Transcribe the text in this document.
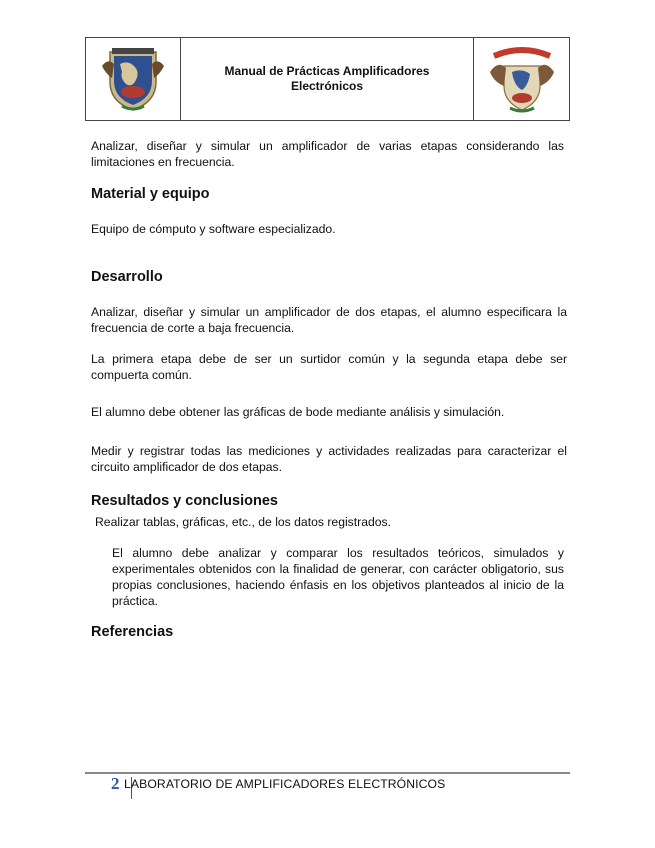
Manual de Prácticas Amplificadores
Electrónicos
Analizar, diseñar y simular un amplificador de varias etapas considerando las limitaciones en frecuencia.
Material y equipo
Equipo de cómputo y software especializado.
Desarrollo
Analizar, diseñar y simular un amplificador de dos etapas, el alumno especificara la frecuencia de corte a baja frecuencia.
La primera etapa debe de ser un surtidor común y la segunda etapa debe ser compuerta común.
El alumno debe obtener las gráficas de bode mediante análisis y simulación.
Medir y registrar todas las mediciones y actividades realizadas para caracterizar el circuito amplificador de dos etapas.
Resultados y conclusiones
Realizar tablas, gráficas, etc., de los datos registrados.
El alumno debe analizar y comparar los resultados teóricos, simulados y experimentales obtenidos con la finalidad de generar, con carácter obligatorio, sus propias conclusiones, haciendo énfasis en los objetivos planteados al inicio de la práctica.
Referencias
2 LABORATORIO DE AMPLIFICADORES ELECTRÓNICOS
